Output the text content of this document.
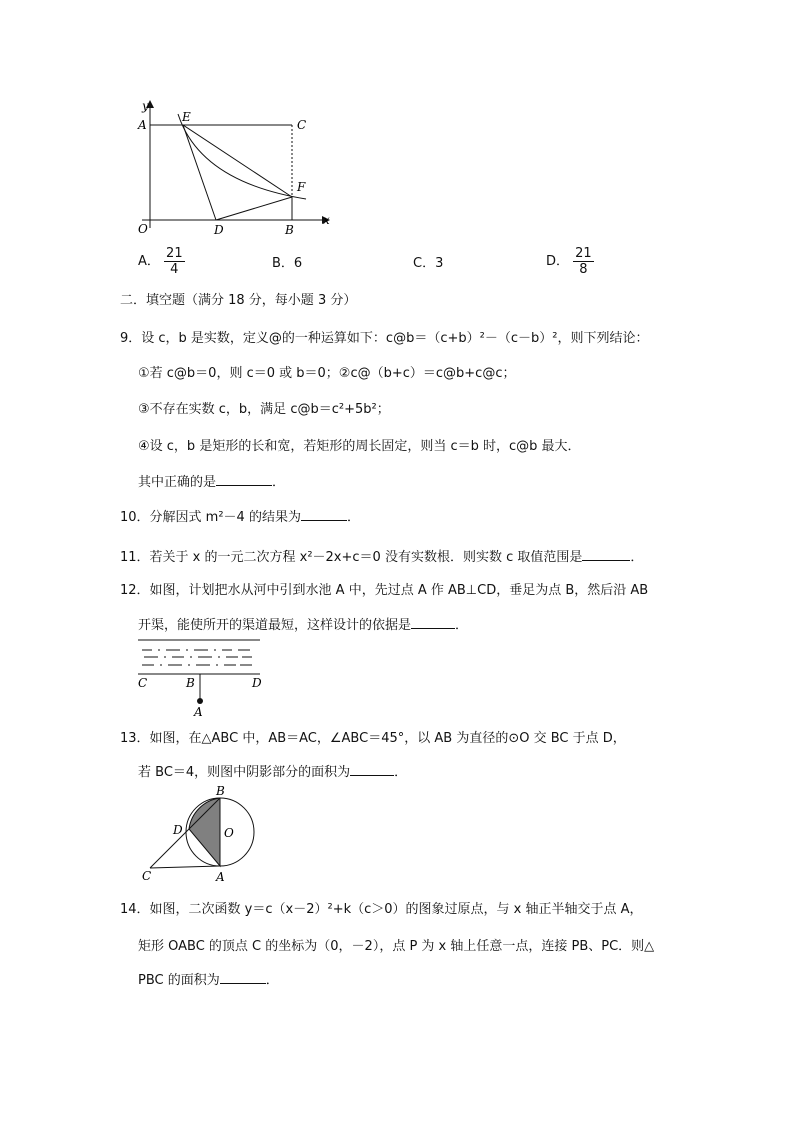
y
E
A	C
F
x
O	D	B
A． $\frac{21}{4}$	B．6	C．3	D． $\frac{21}{8}$
二．填空题（满分 18 分，每小题 3 分）
9．设 c，b 是实数，定义@的一种运算如下：c@b＝（c+b）²－（c－b）²，则下列结论：
①若 c@b＝0，则 c＝0 或 b＝0；②c@（b+c）＝c@b+c@c；
③不存在实数 c，b，满足 c@b＝c²+5b²；
④设 c，b 是矩形的长和宽，若矩形的周长固定，则当 c＝b 时，c@b 最大．
其中正确的是	．
10．分解因式 m²－4 的结果为	．
11．若关于 x 的一元二次方程 x²－2x+c＝0 没有实数根．则实数 c 取值范围是	．
12．如图，计划把水从河中引到水池 A 中，先过点 A 作 AB⊥CD，垂足为点 B，然后沿 AB
开渠，能使所开的渠道最短，这样设计的依据是	．
C	B	D
A
13．如图，在△ABC 中，AB＝AC，∠ABC＝45°，以 AB 为直径的⊙O 交 BC 于点 D，
若 BC＝4，则图中阴影部分的面积为	．
B
D	O
C	A
14．如图，二次函数 y＝c（x－2）²+k（c＞0）的图象过原点，与 x 轴正半轴交于点 A，
矩形 OABC 的顶点 C 的坐标为（0，－2），点 P 为 x 轴上任意一点，连接 PB、PC．则△
PBC 的面积为	．
